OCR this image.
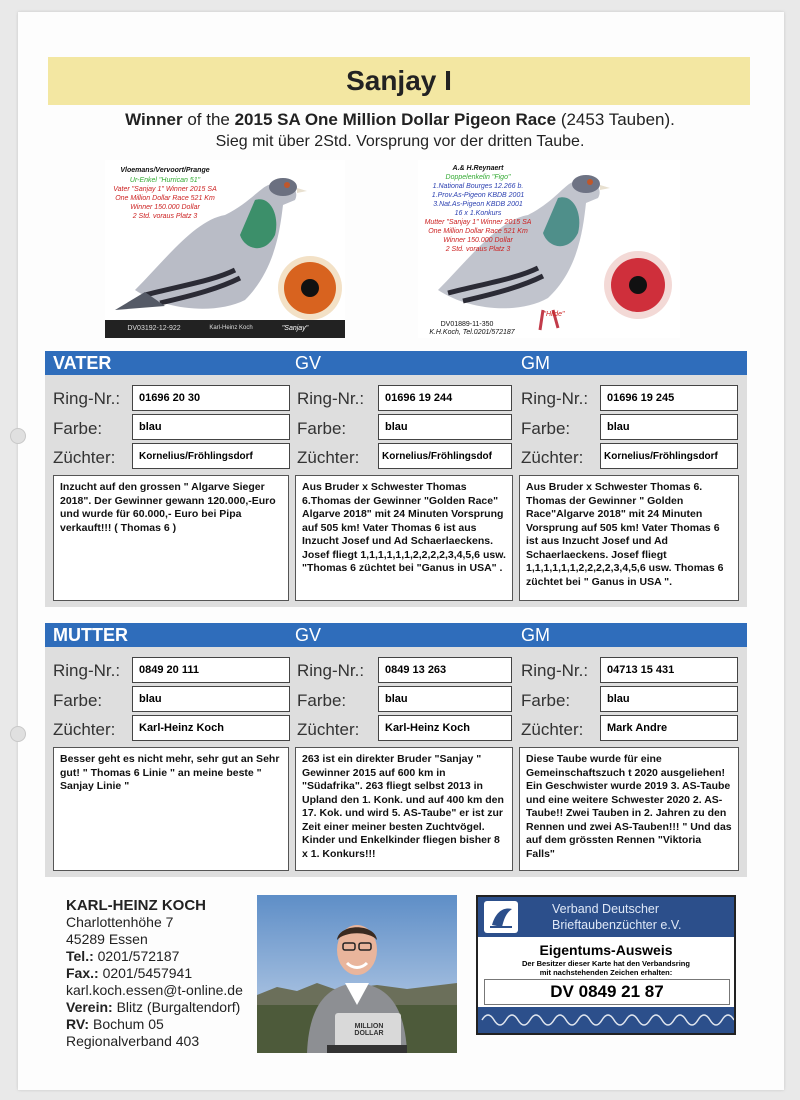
Sanjay I
Winner of the 2015 SA One Million Dollar Pigeon Race (2453 Tauben).
Sieg mit über 2Std. Vorsprung vor der dritten Taube.
Vloemans/Vervoort/Prange
Ur-Enkel "Hurrican 51"
Vater "Sanjay 1" Winner 2015 SA
One Million Dollar Race 521 Km
Winner 150.000 Dollar
2 Std. voraus Platz 3
DV03192-12-922	Karl-Heinz Koch	"Sanjay"
A.& H.Reynaert
Doppelenkelin "Figo"
1.National Bourges 12.266 b.
1.Prov.As-Pigeon KBDB 2001
3.Nat.As-Pigeon KBDB 2001
16 x 1.Konkurs
Mutter "Sanjay 1" Winner 2015 SA
One Million Dollar Race 521 Km
Winner 150.000 Dollar
2 Std. voraus Platz 3
DV01889-11-350
K.H.Koch, Tel.0201/572187
"Hilde"
VATER	GV	GM
Ring-Nr.:	01696 20 30
Farbe:	blau
Züchter:	Kornelius/Fröhlingsdorf
Inzucht auf den grossen " Algarve Sieger 2018". Der Gewinner gewann 120.000,-Euro und wurde für 60.000,- Euro bei Pipa verkauft!!! ( Thomas 6 )
Ring-Nr.:	01696 19 244
Farbe:	blau
Züchter:	Kornelius/Fröhlingsdof
Aus Bruder x Schwester Thomas 6.Thomas der Gewinner "Golden Race" Algarve 2018" mit 24 Minuten Vorsprung auf 505 km! Vater Thomas 6 ist aus Inzucht Josef und Ad Schaerlaeckens. Josef fliegt 1,1,1,1,1,1,2,2,2,2,3,4,5,6 usw. "Thomas 6 züchtet bei "Ganus in USA" .
Ring-Nr.:	01696 19 245
Farbe:	blau
Züchter:	Kornelius/Fröhlingsdorf
Aus Bruder x Schwester Thomas 6. Thomas der Gewinner " Golden Race"Algarve 2018" mit 24 Minuten Vorsprung auf 505 km! Vater Thomas 6 ist aus Inzucht Josef und Ad Schaerlaeckens. Josef fliegt 1,1,1,1,1,1,2,2,2,2,3,4,5,6 usw. Thomas 6 züchtet bei " Ganus in USA ".
MUTTER	GV	GM
Ring-Nr.:	0849 20 111
Farbe:	blau
Züchter:	Karl-Heinz Koch
Besser geht es nicht mehr, sehr gut an Sehr gut! " Thomas 6 Linie " an meine beste " Sanjay Linie "
Ring-Nr.:	0849 13 263
Farbe:	blau
Züchter:	Karl-Heinz Koch
263 ist ein direkter Bruder "Sanjay " Gewinner 2015 auf 600 km in "Südafrika". 263 fliegt selbst 2013 in Upland den 1. Konk. und auf 400 km den 17. Kok. und wird 5. AS-Taube" er ist zur Zeit einer meiner besten Zuchtvögel. Kinder und Enkelkinder fliegen bisher 8 x 1. Konkurs!!!
Ring-Nr.:	04713 15 431
Farbe:	blau
Züchter:	Mark Andre
Diese Taube wurde für eine Gemeinschaftszuch t 2020 ausgeliehen! Ein Geschwister wurde 2019 3. AS-Taube und eine weitere Schwester 2020 2. AS-Taube!! Zwei Tauben in 2. Jahren zu den Rennen und zwei AS-Tauben!!! " Und das auf dem grössten Rennen "Viktoria Falls"
KARL-HEINZ KOCH
Charlottenhöhe 7
45289 Essen
Tel.: 0201/572187
Fax.: 0201/5457941
karl.koch.essen@t-online.de
Verein: Blitz (Burgaltendorf)
RV: Bochum 05
Regionalverband 403
MILLION DOLLAR
Verband Deutscher
Brieftaubenzüchter e.V.
Eigentums-Ausweis
Der Besitzer dieser Karte hat den Verbandsring
mit nachstehenden Zeichen erhalten:
DV 0849 21 87
